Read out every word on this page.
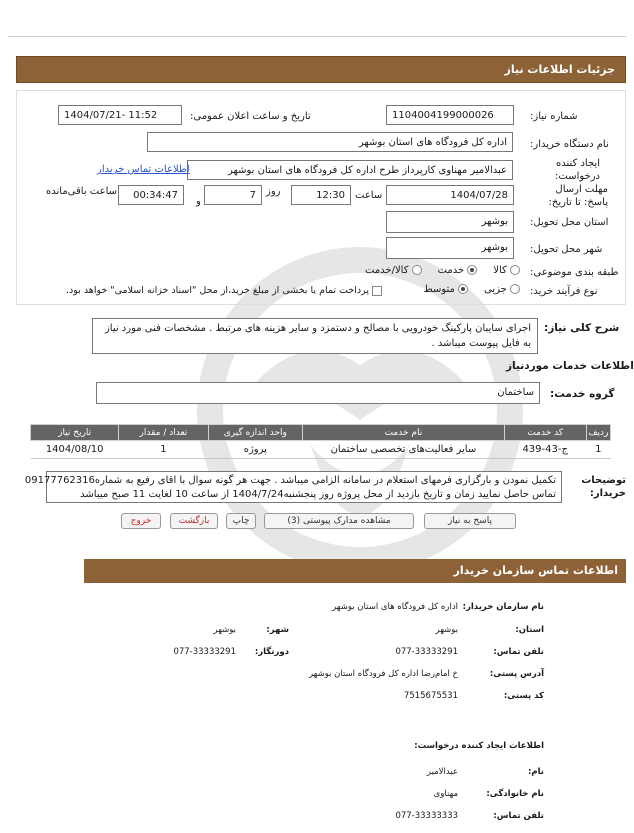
جزئیات اطلاعات نیاز
شماره نیاز:
1104004199000026
تاریخ و ساعت اعلان عمومی:
1404/07/21- 11:52
نام دستگاه خریدار:
اداره کل فرودگاه های استان بوشهر
ایجاد کننده درخواست:
عبدالامیر مهناوی کارپرداز طرح اداره کل فرودگاه های استان بوشهر
اطلاعات تماس خریدار
مهلت ارسال پاسخ: تا تاریخ:
1404/07/28
ساعت
12:30
روز
و
7
00:34:47
ساعت باقی‌مانده
استان محل تحویل:
بوشهر
شهر محل تحویل:
بوشهر
طبقه بندی موضوعی:
کالا      خدمت      کالا/خدمت
نوع فرآیند خرید:
جزیی      متوسط
پرداخت تمام یا بخشی از مبلغ خرید،از محل "اسناد خزانه اسلامی" خواهد بود.
شرح کلی نیاز:
اجرای سایبان پارکینگ خودرویی با مصالح و دستمزد و سایر هزینه های مرتبط . مشخصات فنی مورد نیاز به فایل پیوست میباشد .
اطلاعات خدمات موردنیاز
گروه خدمت:
ساختمان
ردیف	کد خدمت	نام خدمت	واحد اندازه گیری	تعداد / مقدار	تاریخ نیاز
1	ج-43-439	سایر فعالیت‌های تخصصی ساختمان	پروژه	1	1404/08/10
توضیحات خریدار:
تکمیل نمودن و بارگزاری فرمهای استعلام در سامانه الزامی میباشد . جهت هر گونه سوال با اقای رفیع به شماره09177762316
تماس حاصل نمایید زمان و تاریخ بازدید از محل پروژه روز پنجشنبه1404/7/24 از ساعت 10 لغایت 11 صبح میباشد
پاسخ به نیاز
مشاهده مدارک پیوستی (3)
چاپ
بازگشت
خروج
اطلاعات تماس سازمان خریدار
نام سازمان خریدار:
اداره کل فرودگاه های استان بوشهر
استان:
بوشهر
شهر:
بوشهر
تلفن تماس:
077-33333291
دورنگار:
077-33333291
آدرس پستی:
خ امام‌رضا اداره کل فرودگاه استان بوشهر
کد پستی:
7515675531
اطلاعات ایجاد کننده درخواست:
نام:
عبدالامیر
نام خانوادگی:
مهناوی
تلفن تماس:
077-33333333
